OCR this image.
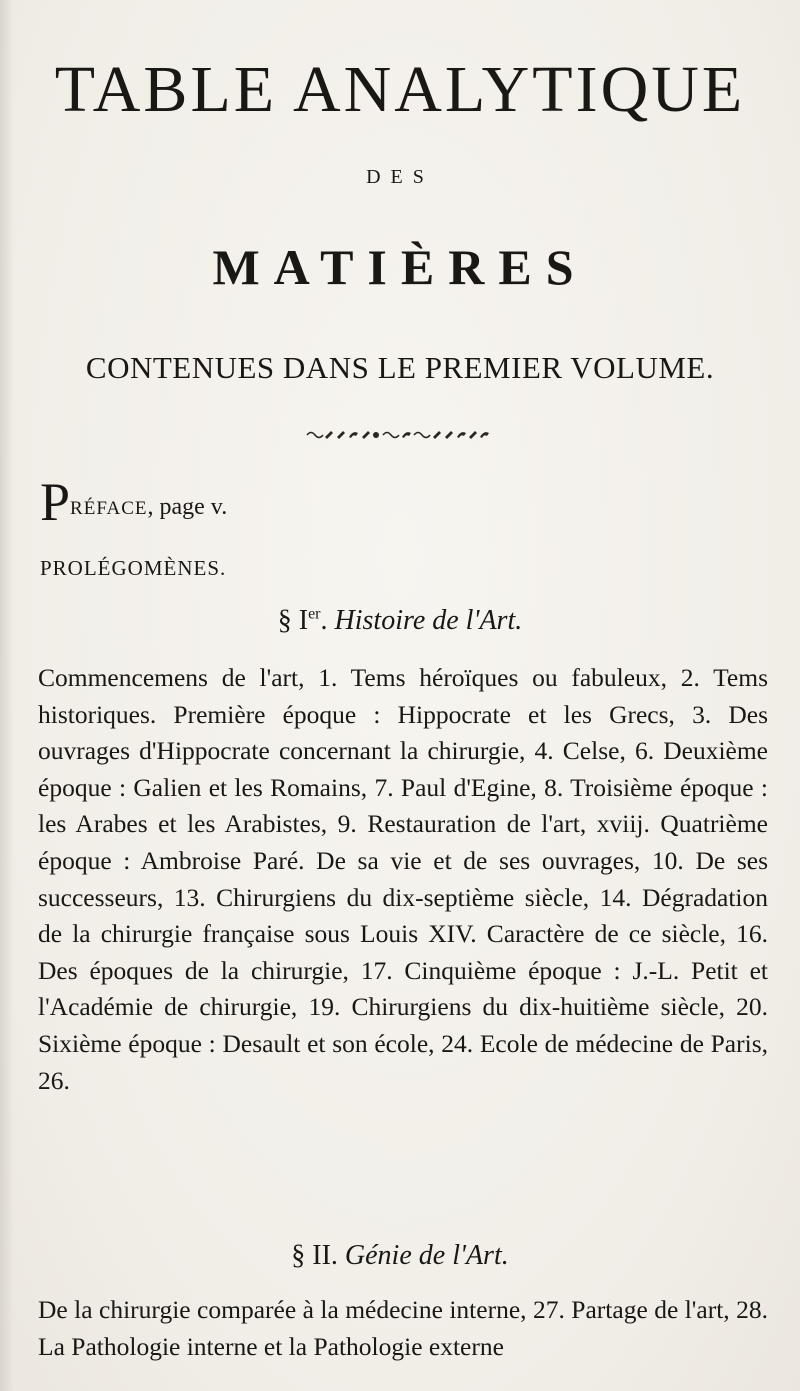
TABLE ANALYTIQUE
DES
MATIÈRES
CONTENUES DANS LE PREMIER VOLUME.
PRÉFACE, page v.
PROLÉGOMÈNES.
§ Ier. Histoire de l'Art.
Commencemens de l'art, 1. Tems héroïques ou fabuleux, 2. Tems historiques. Première époque : Hippocrate et les Grecs, 3. Des ouvrages d'Hippocrate concernant la chirurgie, 4. Celse, 6. Deuxième époque : Galien et les Romains, 7. Paul d'Egine, 8. Troisième époque : les Arabes et les Arabistes, 9. Restauration de l'art, xviij. Quatrième époque : Ambroise Paré. De sa vie et de ses ouvrages, 10. De ses successeurs, 13. Chirurgiens du dix-septième siècle, 14. Dégradation de la chirurgie française sous Louis XIV. Caractère de ce siècle, 16. Des époques de la chirurgie, 17. Cinquième époque : J.-L. Petit et l'Académie de chirurgie, 19. Chirurgiens du dix-huitième siècle, 20. Sixième époque : Desault et son école, 24. Ecole de médecine de Paris, 26.
§ II. Génie de l'Art.
De la chirurgie comparée à la médecine interne, 27. Partage de l'art, 28. La Pathologie interne et la Pathologie externe
